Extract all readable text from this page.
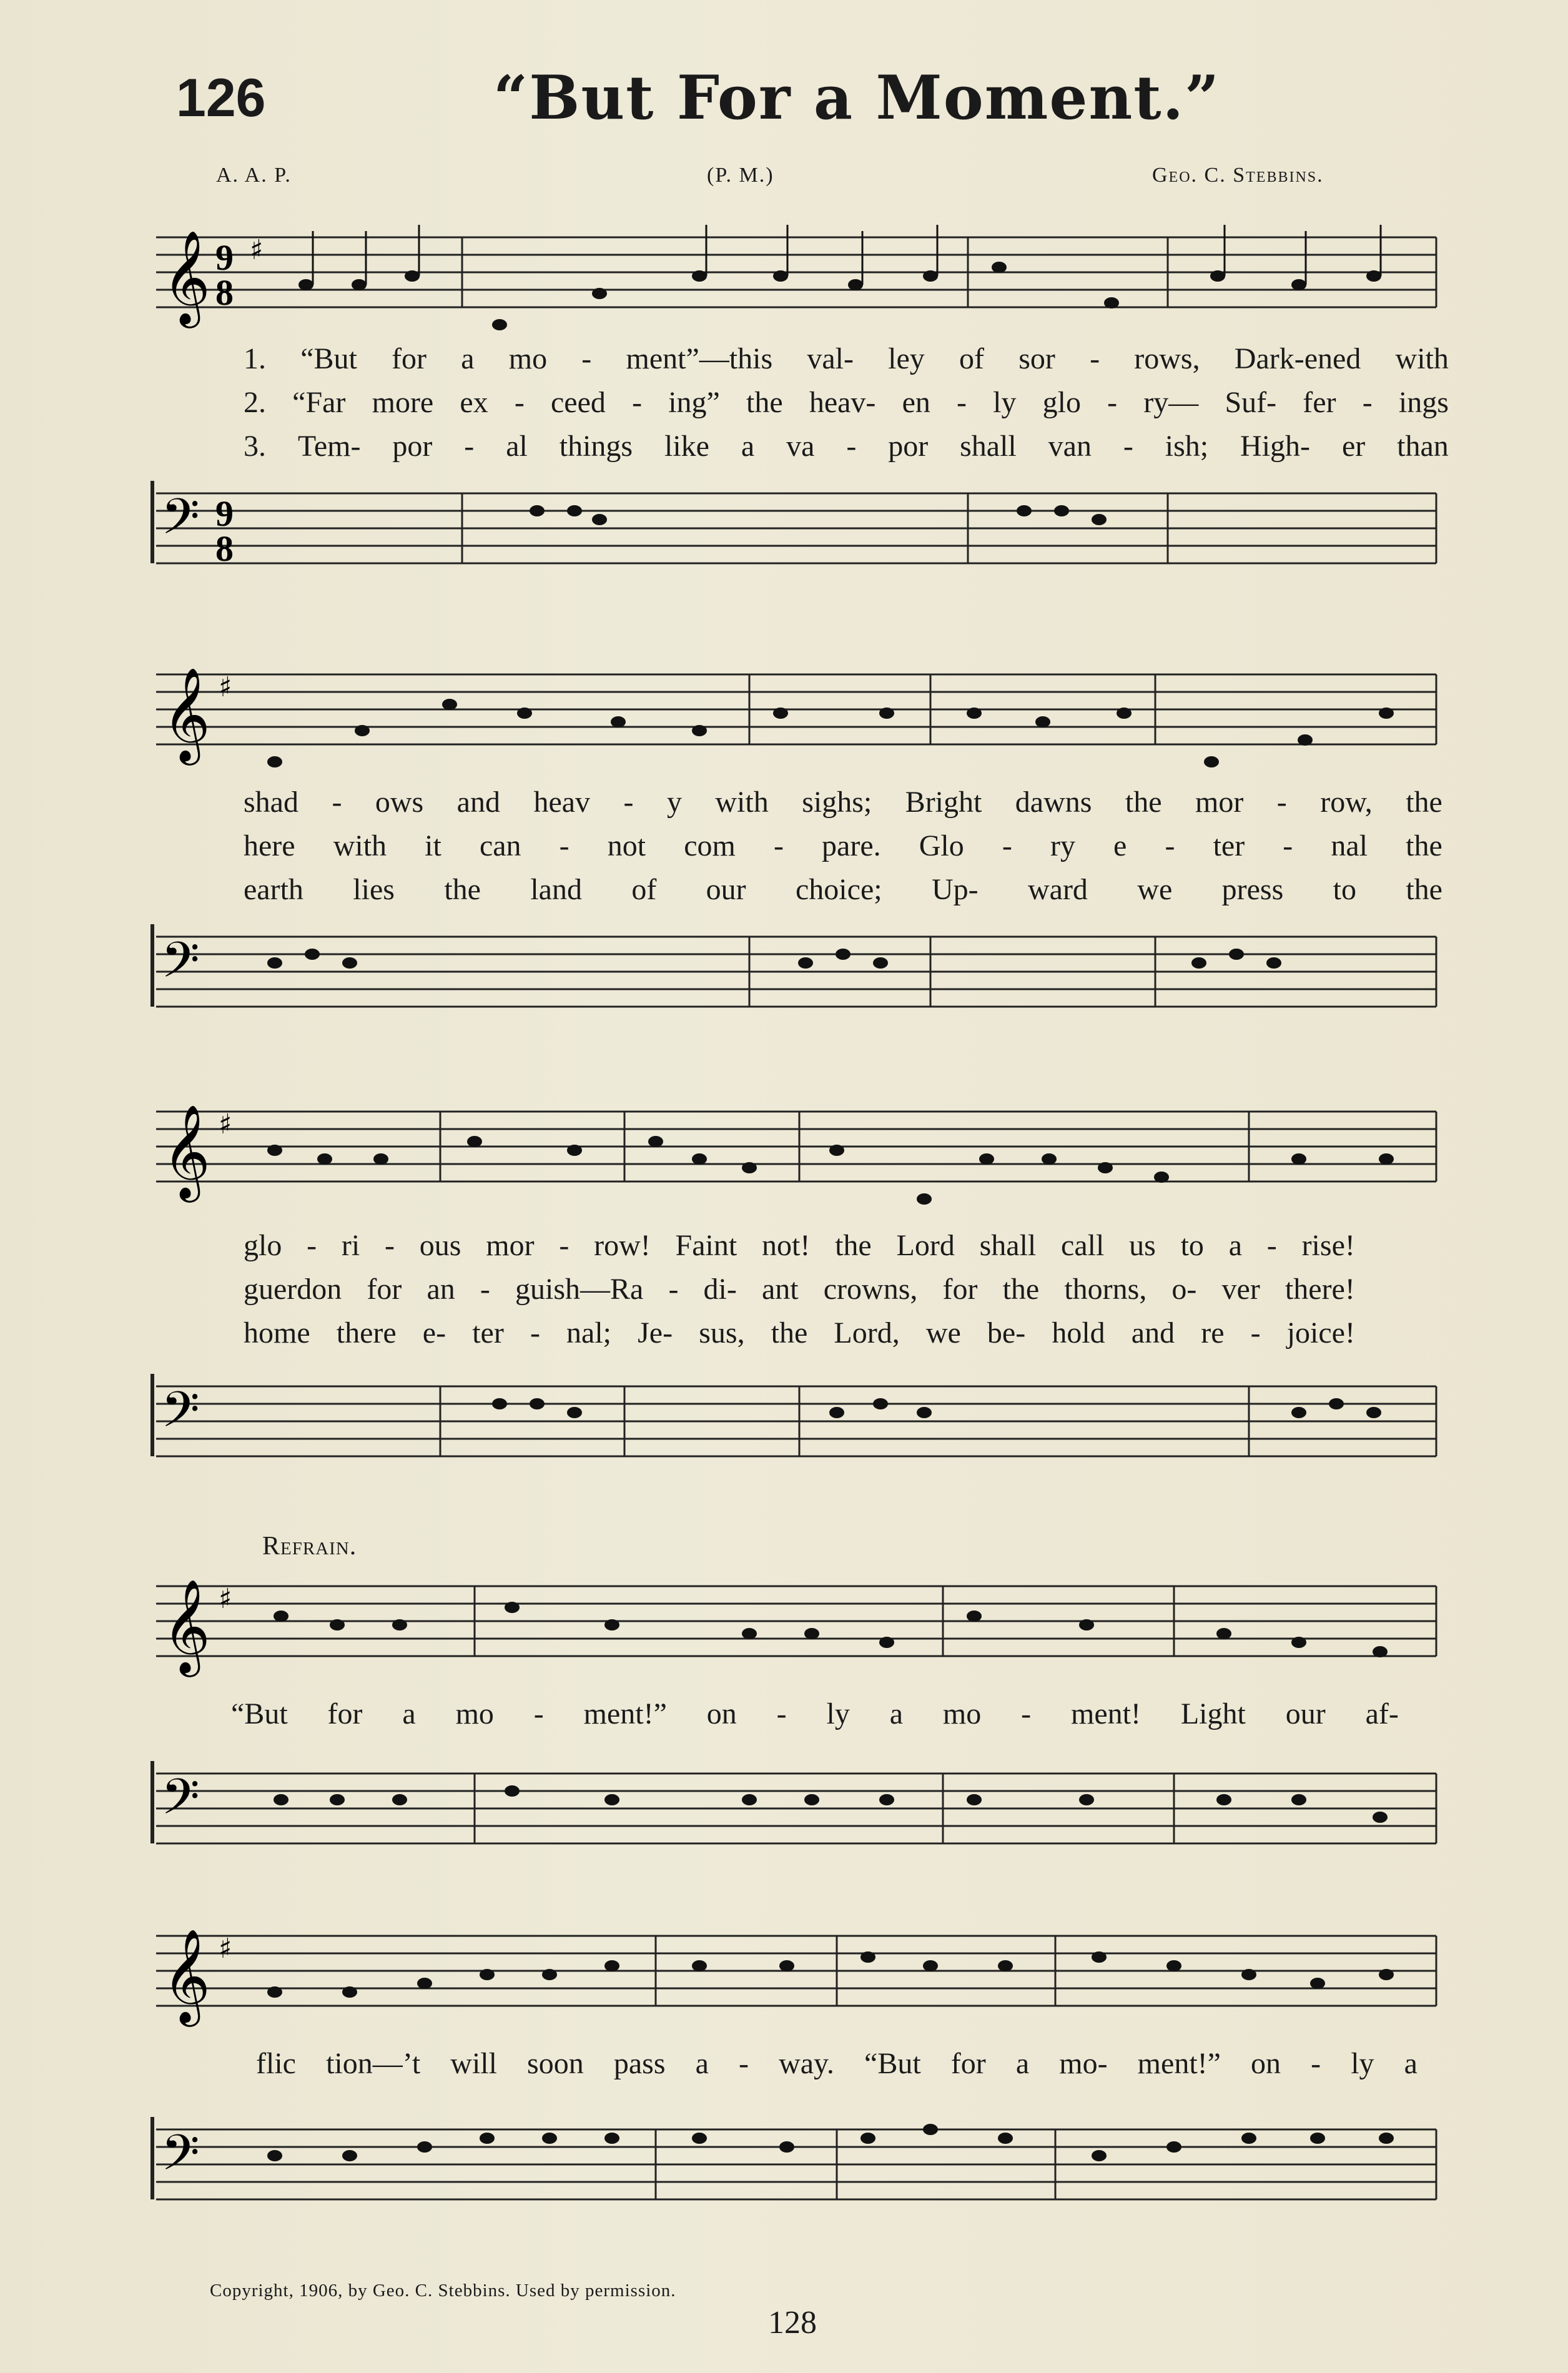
126	“But For a Moment.”
A. A. P.	(P. M.)	Geo. C. Stebbins.
𝄞 9
8
♯
1. “But for a mo - ment”—this val- ley of sor - rows, Dark-ened with
2. “Far more ex - ceed - ing” the heav- en - ly glo - ry— Suf- fer - ings
3. Tem- por - al things like a va - por shall van - ish; High- er than
𝄢 9
8
𝄞 ♯
shad - ows and heav - y with sighs; Bright dawns the mor - row, the
here with it can - not com - pare. Glo - ry e - ter - nal the
earth lies the land of our choice; Up- ward we press to the
𝄢
𝄞 ♯
glo - ri - ous mor - row! Faint not! the Lord shall call us to a - rise!
guerdon for an - guish—Ra - di- ant crowns, for the thorns, o- ver there!
home there e- ter - nal; Je- sus, the Lord, we be- hold and re - joice!
𝄢
Refrain.
𝄞 ♯
“But for a mo - ment!” on - ly a mo - ment! Light our af-
𝄢
𝄞 ♯
flic tion—’t will soon pass a - way. “But for a mo- ment!” on - ly a
𝄢
Copyright, 1906, by Geo. C. Stebbins. Used by permission.
128
